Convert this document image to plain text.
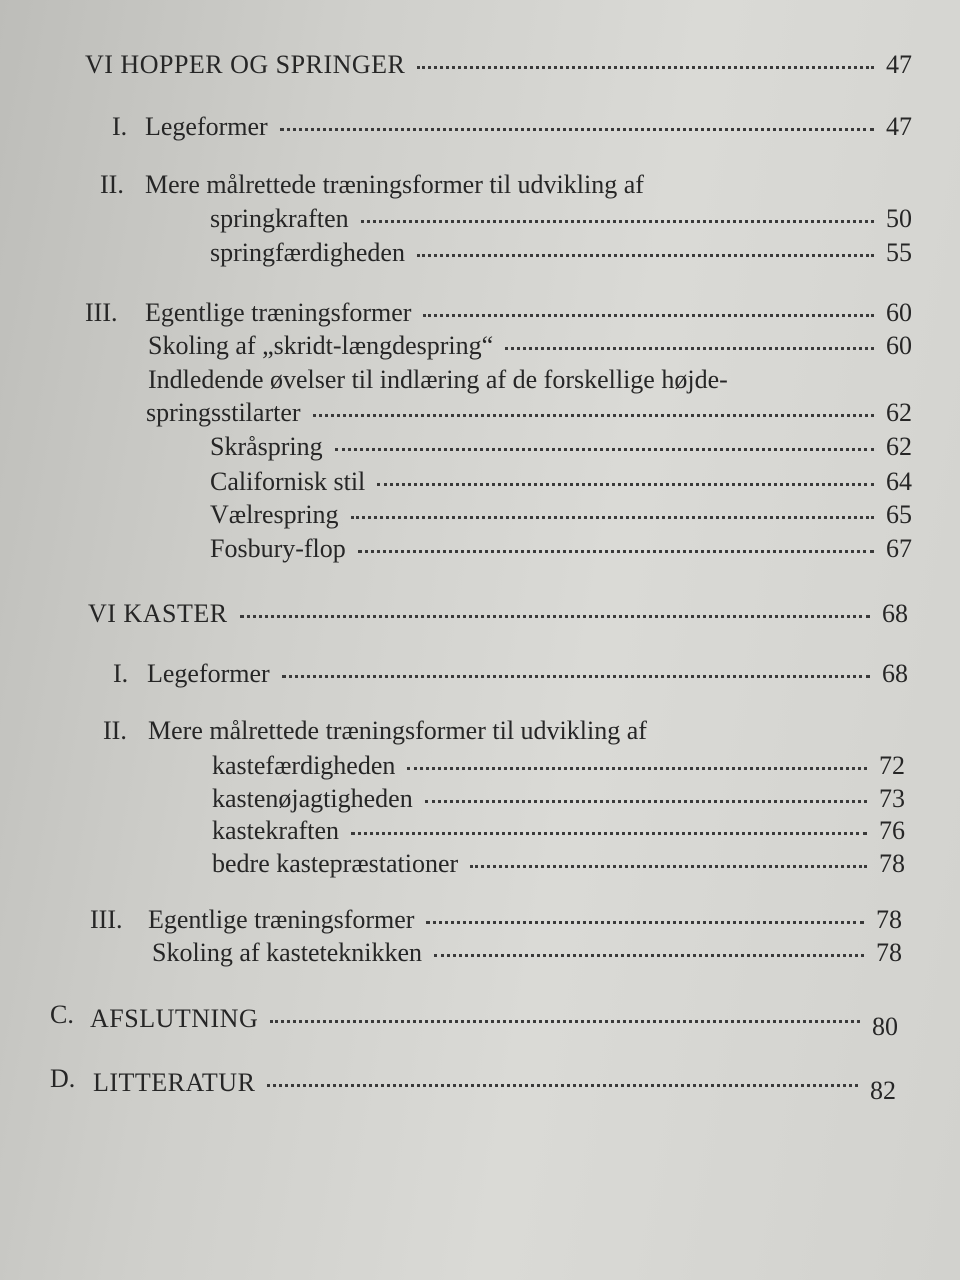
VI HOPPER OG SPRINGER	47
I. Legeformer	47
II. Mere målrettede træningsformer til udvikling af
springkraften	50
springfærdigheden	55
III. Egentlige træningsformer	60
Skoling af „skridt-længdespring“	60
Indledende øvelser til indlæring af de forskellige højde-
springsstilarter	62
Skråspring	62
Californisk stil	64
Vælrespring	65
Fosbury-flop	67
VI KASTER	68
I. Legeformer	68
II. Mere målrettede træningsformer til udvikling af
kastefærdigheden	72
kastenøjagtigheden	73
kastekraften	76
bedre kastepræstationer	78
III. Egentlige træningsformer	78
Skoling af kasteteknikken	78
C. AFSLUTNING	80
D. LITTERATUR	82
